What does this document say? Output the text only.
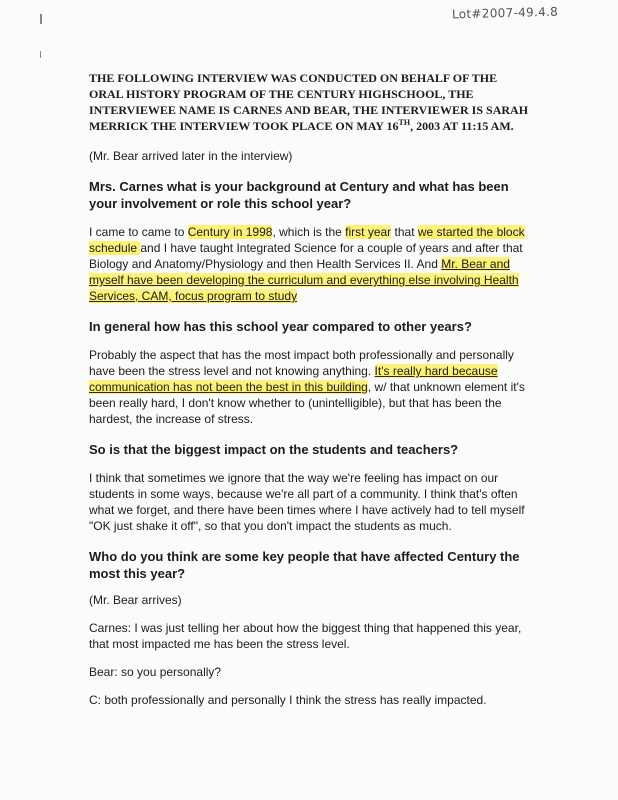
Lot#2007-49.4.8

THE FOLLOWING INTERVIEW WAS CONDUCTED ON BEHALF OF THE ORAL HISTORY PROGRAM OF THE CENTURY HIGHSCHOOL, THE INTERVIEWEE NAME IS CARNES AND BEAR, THE INTERVIEWER IS SARAH MERRICK THE INTERVIEW TOOK PLACE ON MAY 16TH, 2003 AT 11:15 AM.

(Mr. Bear arrived later in the interview)

Mrs. Carnes what is your background at Century and what has been your involvement or role this school year?

I came to came to Century in 1998, which is the first year that we started the block schedule and I have taught Integrated Science for a couple of years and after that Biology and Anatomy/Physiology and then Health Services II. And Mr. Bear and myself have been developing the curriculum and everything else involving Health Services, CAM, focus program to study

In general how has this school year compared to other years?

Probably the aspect that has the most impact both professionally and personally have been the stress level and not knowing anything. It's really hard because communication has not been the best in this building, w/ that unknown element it's been really hard, I don't know whether to (unintelligible), but that has been the hardest, the increase of stress.

So is that the biggest impact on the students and teachers?

I think that sometimes we ignore that the way we're feeling has impact on our students in some ways, because we're all part of a community. I think that's often what we forget, and there have been times where I have actively had to tell myself "OK just shake it off", so that you don't impact the students as much.

Who do you think are some key people that have affected Century the most this year?

(Mr. Bear arrives)

Carnes: I was just telling her about how the biggest thing that happened this year, that most impacted me has been the stress level.

Bear: so you personally?

C: both professionally and personally I think the stress has really impacted.
